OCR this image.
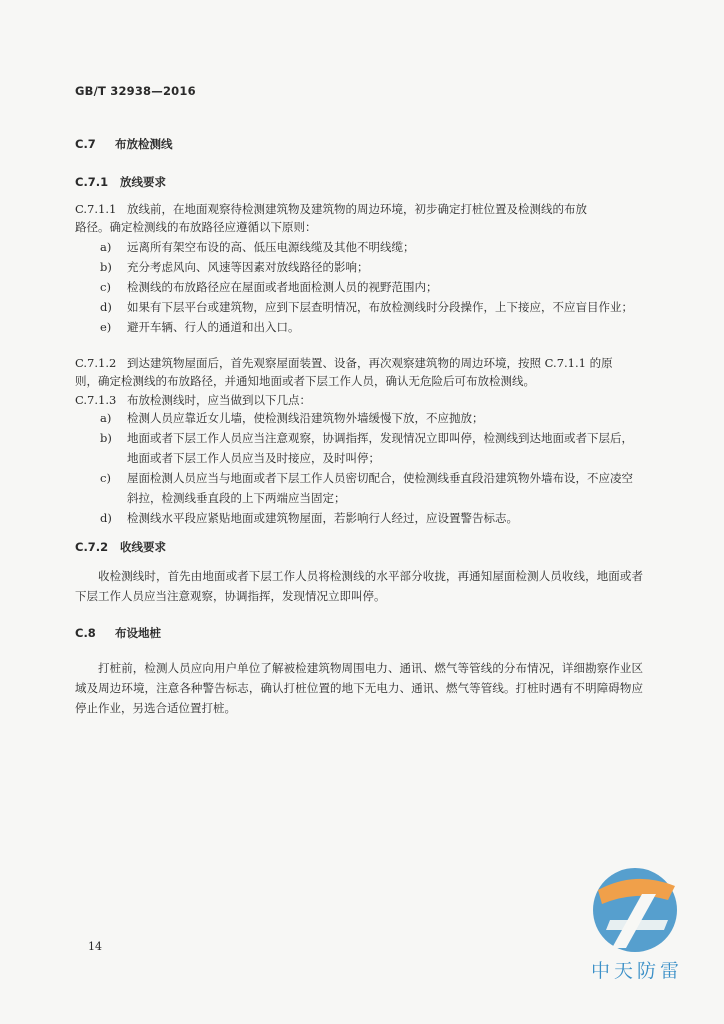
GB/T 32938—2016
C.7 布放检测线
C.7.1 放线要求
C.7.1.1 放线前，在地面观察待检测建筑物及建筑物的周边环境，初步确定打桩位置及检测线的布放
路径。确定检测线的布放路径应遵循以下原则：
a)	远离所有架空布设的高、低压电源线缆及其他不明线缆；
b)	充分考虑风向、风速等因素对放线路径的影响；
c)	检测线的布放路径应在屋面或者地面检测人员的视野范围内；
d)	如果有下层平台或建筑物，应到下层查明情况，布放检测线时分段操作，上下接应，不应盲目作业；
e)	避开车辆、行人的通道和出入口。
C.7.1.2 到达建筑物屋面后，首先观察屋面装置、设备，再次观察建筑物的周边环境，按照 C.7.1.1 的原
则，确定检测线的布放路径，并通知地面或者下层工作人员，确认无危险后可布放检测线。
C.7.1.3 布放检测线时，应当做到以下几点：
a)	检测人员应靠近女儿墙，使检测线沿建筑物外墙缓慢下放，不应抛放；
b)	地面或者下层工作人员应当注意观察，协调指挥，发现情况立即叫停，检测线到达地面或者下层后，地面或者下层工作人员应当及时接应，及时叫停；
c)	屋面检测人员应当与地面或者下层工作人员密切配合，使检测线垂直段沿建筑物外墙布设，不应凌空斜拉，检测线垂直段的上下两端应当固定；
d)	检测线水平段应紧贴地面或建筑物屋面，若影响行人经过，应设置警告标志。
C.7.2 收线要求
收检测线时，首先由地面或者下层工作人员将检测线的水平部分收拢，再通知屋面检测人员收线，地面或者下层工作人员应当注意观察，协调指挥，发现情况立即叫停。
C.8 布设地桩
打桩前，检测人员应向用户单位了解被检建筑物周围电力、通讯、燃气等管线的分布情况，详细勘察作业区域及周边环境，注意各种警告标志，确认打桩位置的地下无电力、通讯、燃气等管线。打桩时遇有不明障碍物应停止作业，另选合适位置打桩。
14
中天防雷
